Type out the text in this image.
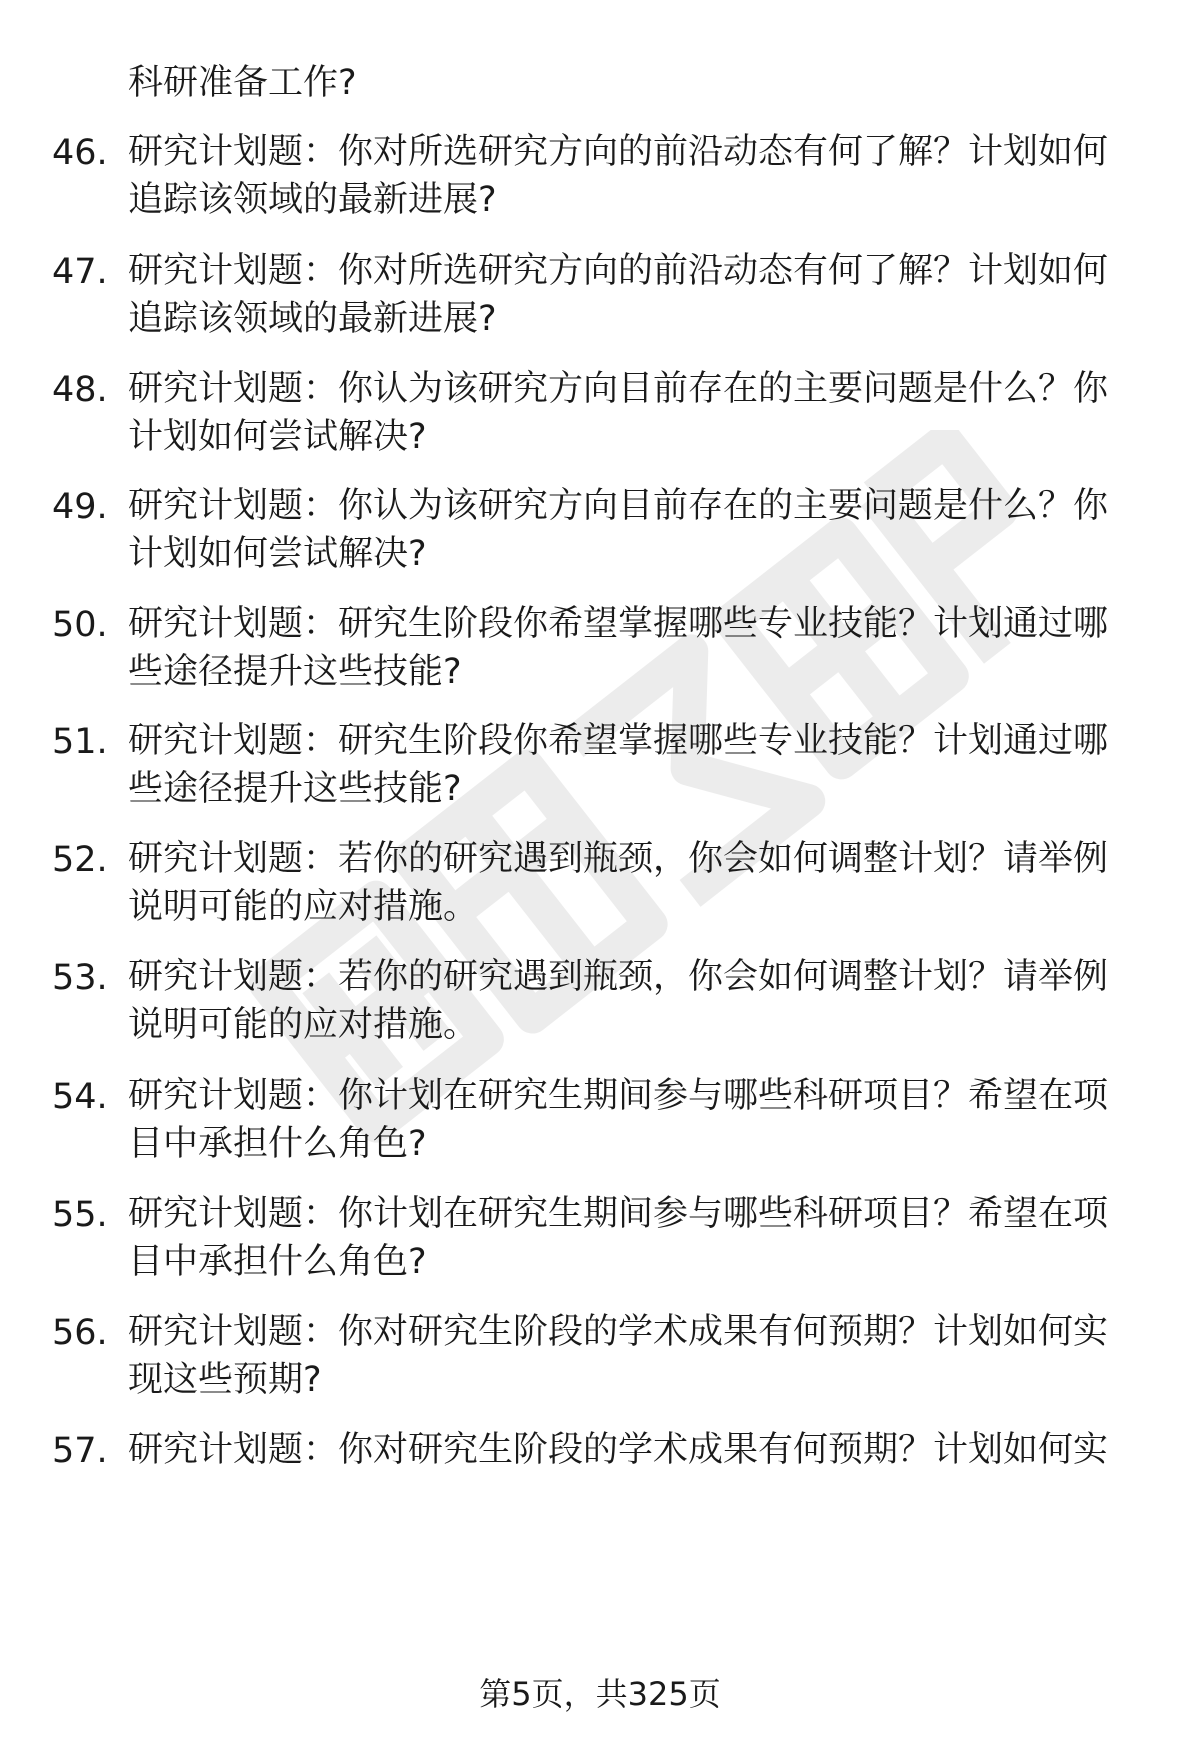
科研准备工作?
46. 研究计划题：你对所选研究方向的前沿动态有何了解？计划如何
追踪该领域的最新进展?
47. 研究计划题：你对所选研究方向的前沿动态有何了解？计划如何
追踪该领域的最新进展?
48. 研究计划题：你认为该研究方向目前存在的主要问题是什么？你
计划如何尝试解决?
49. 研究计划题：你认为该研究方向目前存在的主要问题是什么？你
计划如何尝试解决?
50. 研究计划题：研究生阶段你希望掌握哪些专业技能？计划通过哪
些途径提升这些技能?
51. 研究计划题：研究生阶段你希望掌握哪些专业技能？计划通过哪
些途径提升这些技能?
52. 研究计划题：若你的研究遇到瓶颈，你会如何调整计划？请举例
说明可能的应对措施。
53. 研究计划题：若你的研究遇到瓶颈，你会如何调整计划？请举例
说明可能的应对措施。
54. 研究计划题：你计划在研究生期间参与哪些科研项目？希望在项
目中承担什么角色?
55. 研究计划题：你计划在研究生期间参与哪些科研项目？希望在项
目中承担什么角色?
56. 研究计划题：你对研究生阶段的学术成果有何预期？计划如何实
现这些预期?
57. 研究计划题：你对研究生阶段的学术成果有何预期？计划如何实
第5页，共325页
